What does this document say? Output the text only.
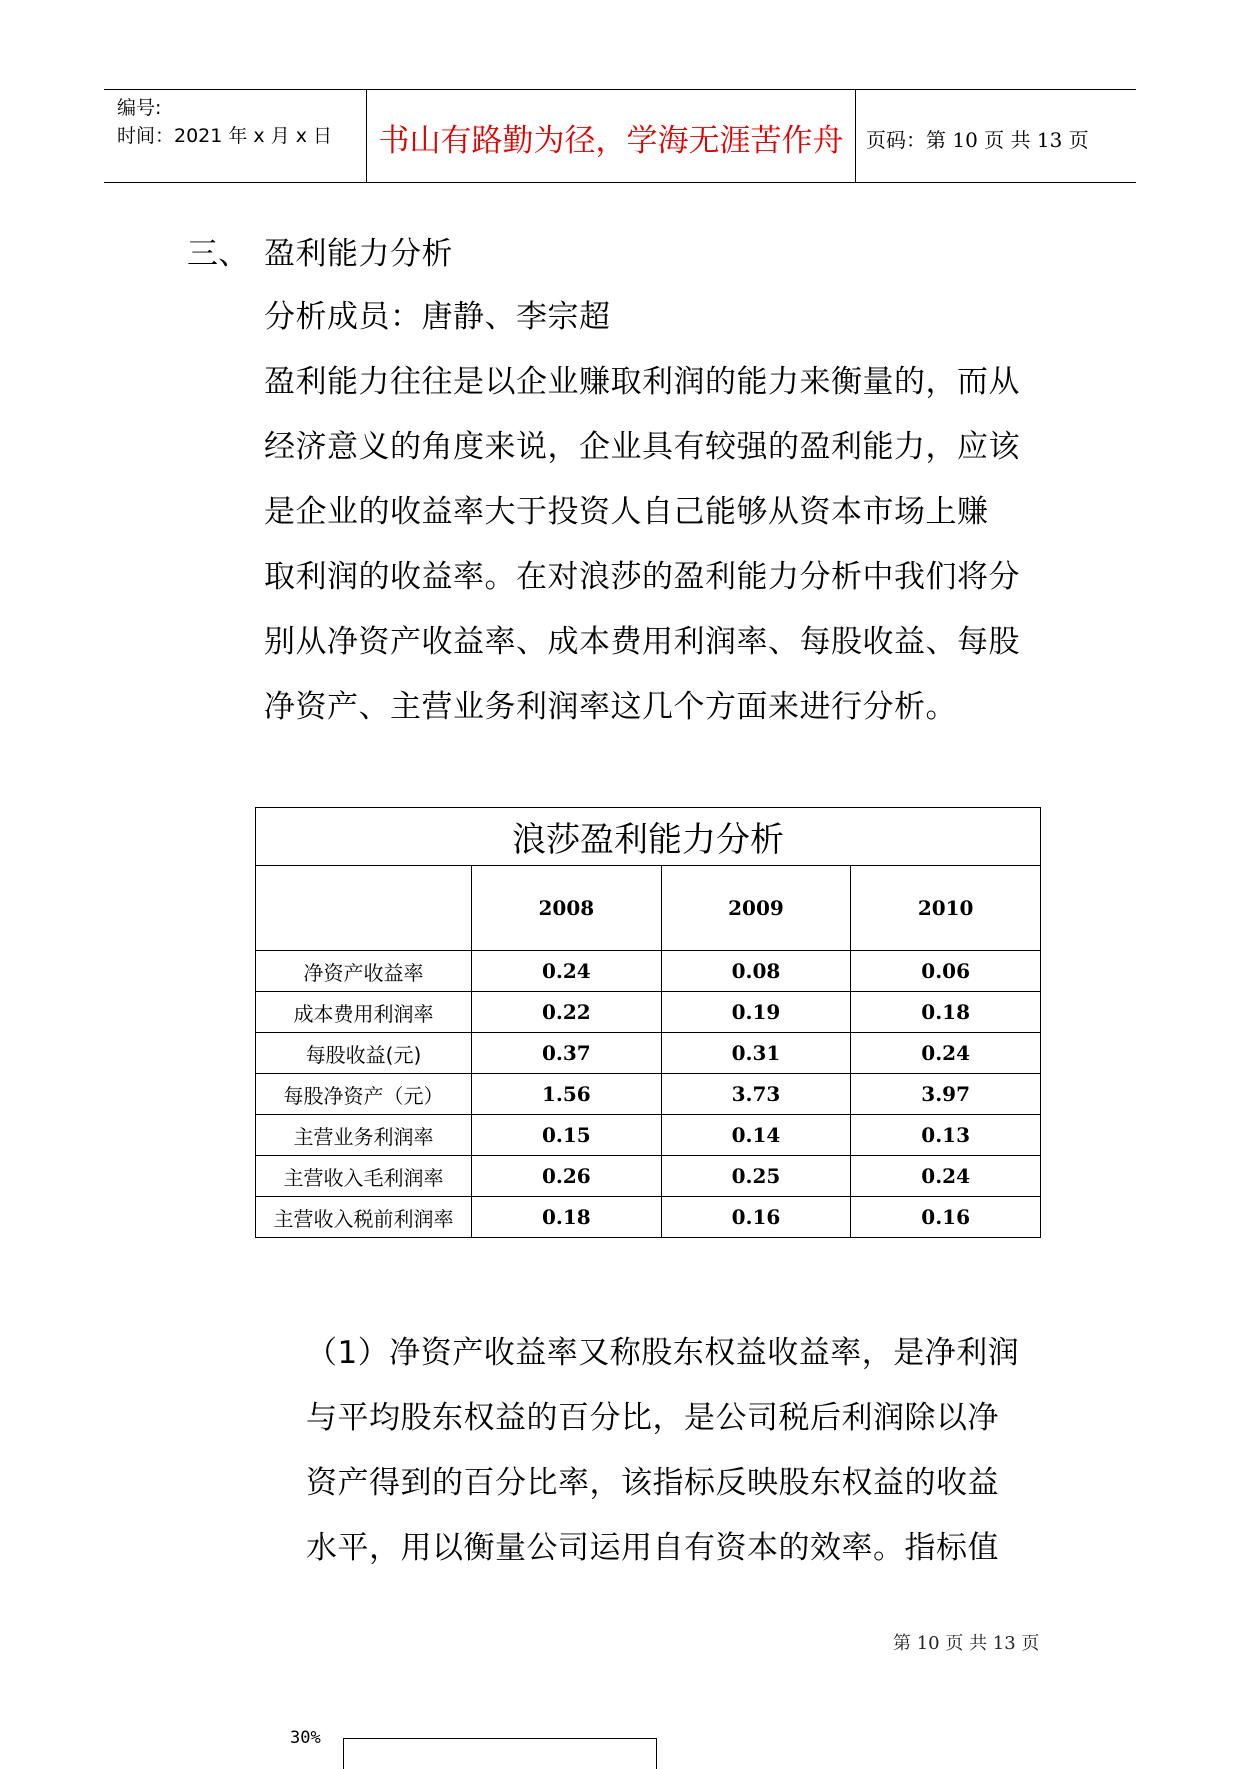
编号:
时间：2021 年 x 月 x 日	书山有路勤为径，学海无涯苦作舟	页码：第 10 页 共 13 页
三、 盈利能力分析
分析成员：唐静、李宗超
盈利能力往往是以企业赚取利润的能力来衡量的，而从
经济意义的角度来说，企业具有较强的盈利能力，应该
是企业的收益率大于投资人自己能够从资本市场上赚
取利润的收益率。在对浪莎的盈利能力分析中我们将分
别从净资产收益率、成本费用利润率、每股收益、每股
净资产、主营业务利润率这几个方面来进行分析。
浪莎盈利能力分析			
	2008	2009	2010
净资产收益率	0.24	0.08	0.06
成本费用利润率	0.22	0.19	0.18
每股收益(元)	0.37	0.31	0.24
每股净资产（元）	1.56	3.73	3.97
主营业务利润率	0.15	0.14	0.13
主营收入毛利润率	0.26	0.25	0.24
主营收入税前利润率	0.18	0.16	0.16
（1）净资产收益率又称股东权益收益率，是净利润
与平均股东权益的百分比，是公司税后利润除以净
资产得到的百分比率，该指标反映股东权益的收益
水平，用以衡量公司运用自有资本的效率。指标值
第 10 页 共 13 页
30%
